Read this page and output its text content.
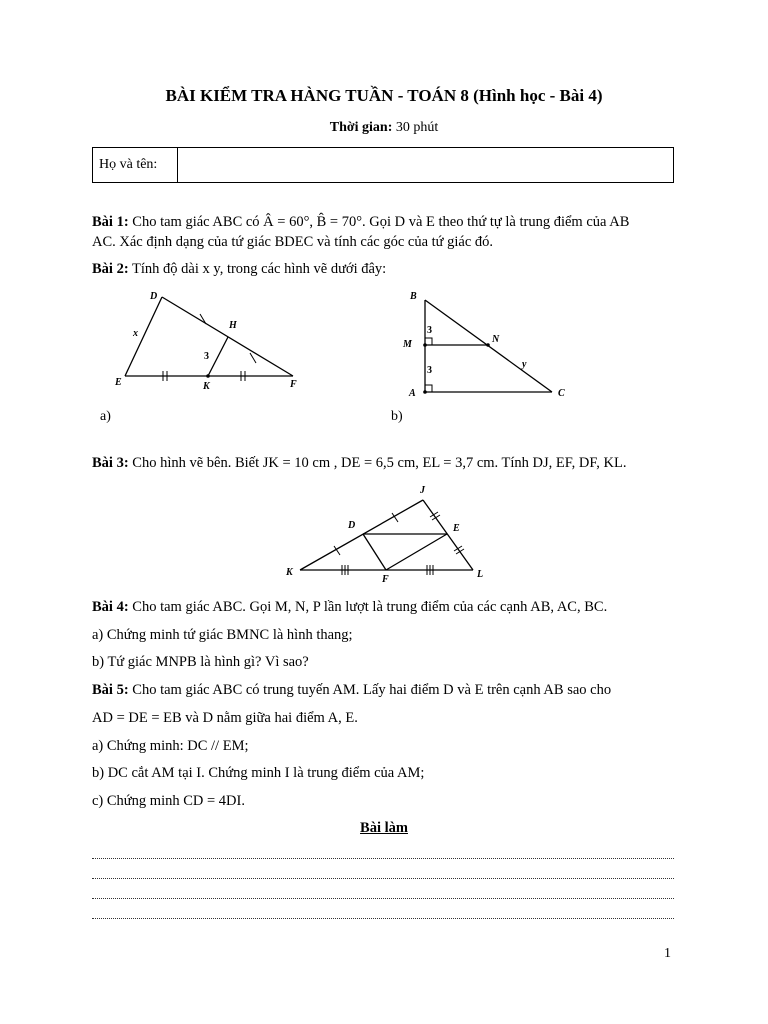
BÀI KIỂM TRA HÀNG TUẦN - TOÁN 8 (Hình học - Bài 4)
Thời gian: 30 phút
Họ và tên:
Bài 1: Cho tam giác ABC có Â = 60°, B̂ = 70°. Gọi D và E theo thứ tự là trung điểm của AB
AC. Xác định dạng của tứ giác BDEC và tính các góc của tứ giác đó.
Bài 2: Tính độ dài x y, trong các hình vẽ dưới đây:
D
H
E	K	F
x
3
a)
B
M	N
A	C
y
3
3
b)
Bài 3: Cho hình vẽ bên. Biết JK = 10 cm , DE = 6,5 cm, EL = 3,7 cm. Tính DJ, EF, DF, KL.
J
D	E
K
F	L
Bài 4: Cho tam giác ABC. Gọi M, N, P lần lượt là trung điểm của các cạnh AB, AC, BC.
a) Chứng minh tứ giác BMNC là hình thang;
b) Tứ giác MNPB là hình gì? Vì sao?
Bài 5: Cho tam giác ABC có trung tuyến AM. Lấy hai điểm D và E trên cạnh AB sao cho
AD = DE = EB và D nằm giữa hai điểm A, E.
a) Chứng minh: DC // EM;
b) DC cắt AM tại I. Chứng minh I là trung điểm của AM;
c) Chứng minh CD = 4DI.
Bài làm
1
